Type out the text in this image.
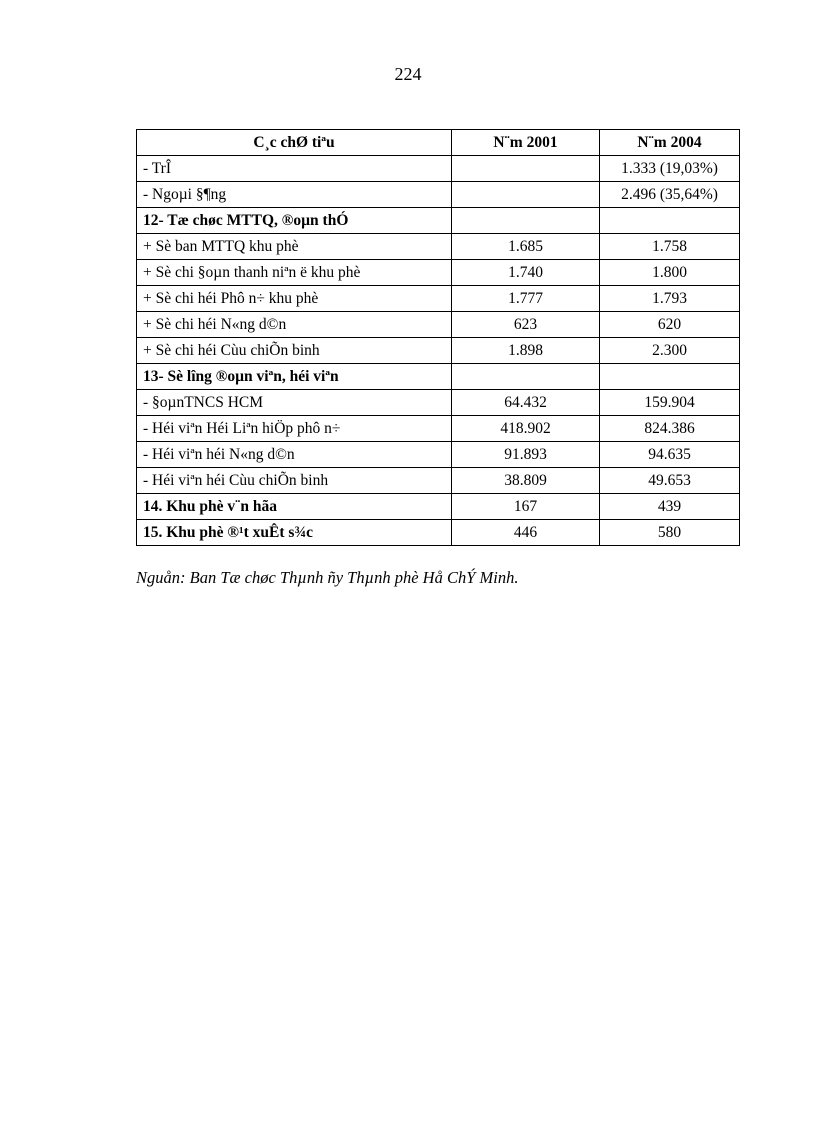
224
C¸c chØ tiªu	N¨m 2001	N¨m 2004
- TrÎ		1.333 (19,03%)
- Ngoµi §¶ng		2.496 (35,64%)
12- Tæ chøc MTTQ, ®oµn thÓ		
+ Sè ban MTTQ khu phè	1.685	1.758
+ Sè chi §oµn thanh niªn ë khu phè	1.740	1.800
+ Sè chi héi Phô n÷ khu phè	1.777	1.793
+ Sè chi héi N«ng d©n	623	620
+ Sè chi héi Cùu chiÕn binh	1.898	2.300
13- Sè lîng ®oµn viªn, héi viªn		
- §oµnTNCS HCM	64.432	159.904
- Héi viªn Héi Liªn hiÖp phô n÷	418.902	824.386
- Héi viªn héi N«ng d©n	91.893	94.635
- Héi viªn héi Cùu chiÕn binh	38.809	49.653
14. Khu phè v¨n hãa	167	439
15. Khu phè ®¹t xuÊt s¾c	446	580
Nguån: Ban Tæ chøc Thµnh ñy Thµnh phè Hå ChÝ Minh.
